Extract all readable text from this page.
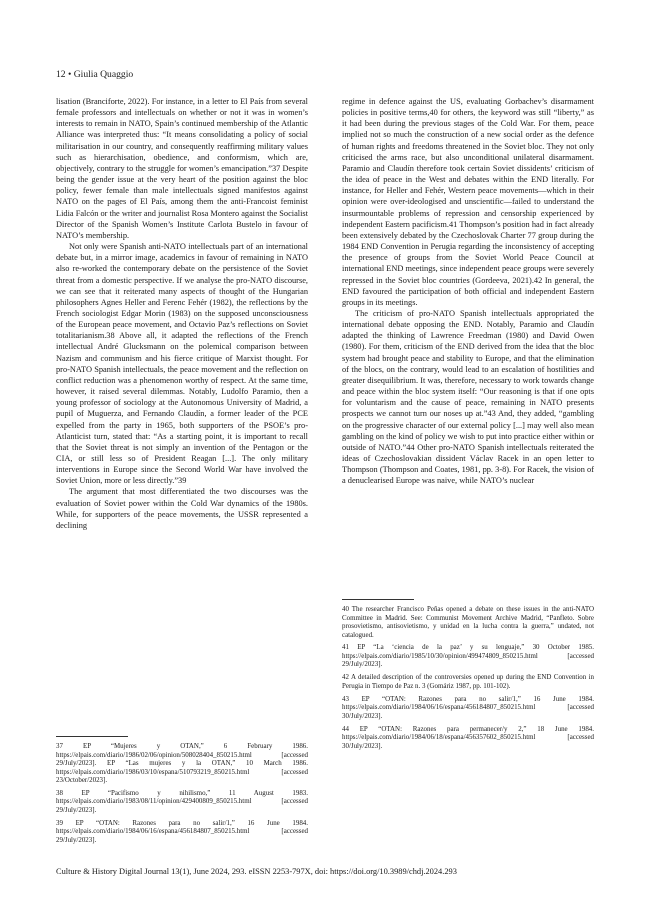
12 • Giulia Quaggio

lisation (Branciforte, 2022). For instance, in a letter to El País from several female professors and intellectuals on whether or not it was in women’s interests to remain in NATO, Spain’s continued membership of the Atlantic Alliance was interpreted thus: “It means consolidating a policy of social militarisation in our country, and consequently reaffirming military values such as hierarchisation, obedience, and conformism, which are, objectively, contrary to the struggle for women’s emancipation.”37 Despite being the gender issue at the very heart of the position against the bloc policy, fewer female than male intellectuals signed manifestos against NATO on the pages of El País, among them the anti-Francoist feminist Lidia Falcón or the writer and journalist Rosa Montero against the Socialist Director of the Spanish Women’s Institute Carlota Bustelo in favour of NATO’s membership.

Not only were Spanish anti-NATO intellectuals part of an international debate but, in a mirror image, academics in favour of remaining in NATO also re-worked the contemporary debate on the persistence of the Soviet threat from a domestic perspective. If we analyse the pro-NATO discourse, we can see that it reiterated many aspects of thought of the Hungarian philosophers Agnes Heller and Ferenc Fehér (1982), the reflections by the French sociologist Edgar Morin (1983) on the supposed unconsciousness of the European peace movement, and Octavio Paz’s reflections on Soviet totalitarianism.38 Above all, it adapted the reflections of the French intellectual André Glucksmann on the polemical comparison between Nazism and communism and his fierce critique of Marxist thought. For pro-NATO Spanish intellectuals, the peace movement and the reflection on conflict reduction was a phenomenon worthy of respect. At the same time, however, it raised several dilemmas. Notably, Ludolfo Paramio, then a young professor of sociology at the Autonomous University of Madrid, a pupil of Muguerza, and Fernando Claudín, a former leader of the PCE expelled from the party in 1965, both supporters of the PSOE’s pro-Atlanticist turn, stated that: “As a starting point, it is important to recall that the Soviet threat is not simply an invention of the Pentagon or the CIA, or still less so of President Reagan [...]. The only military interventions in Europe since the Second World War have involved the Soviet Union, more or less directly.”39

The argument that most differentiated the two discourses was the evaluation of Soviet power within the Cold War dynamics of the 1980s. While, for supporters of the peace movements, the USSR represented a declining

regime in defence against the US, evaluating Gorbachev’s disarmament policies in positive terms,40 for others, the keyword was still “liberty,” as it had been during the previous stages of the Cold War. For them, peace implied not so much the construction of a new social order as the defence of human rights and freedoms threatened in the Soviet bloc. They not only criticised the arms race, but also unconditional unilateral disarmament. Paramio and Claudín therefore took certain Soviet dissidents’ criticism of the idea of peace in the West and debates within the END literally. For instance, for Heller and Fehér, Western peace movements—which in their opinion were over-ideologised and unscientific—failed to understand the insurmountable problems of repression and censorship experienced by independent Eastern pacificism.41 Thompson’s position had in fact already been extensively debated by the Czechoslovak Charter 77 group during the 1984 END Convention in Perugia regarding the inconsistency of accepting the presence of groups from the Soviet World Peace Council at international END meetings, since independent peace groups were severely repressed in the Soviet bloc countries (Gordeeva, 2021).42 In general, the END favoured the participation of both official and independent Eastern groups in its meetings.

The criticism of pro-NATO Spanish intellectuals appropriated the international debate opposing the END. Notably, Paramio and Claudín adapted the thinking of Lawrence Freedman (1980) and David Owen (1980). For them, criticism of the END derived from the idea that the bloc system had brought peace and stability to Europe, and that the elimination of the blocs, on the contrary, would lead to an escalation of hostilities and greater disequilibrium. It was, therefore, necessary to work towards change and peace within the bloc system itself: “Our reasoning is that if one opts for voluntarism and the cause of peace, remaining in NATO presents prospects we cannot turn our noses up at.”43 And, they added, “gambling on the progressive character of our external policy [...] may well also mean gambling on the kind of policy we wish to put into practice either within or outside of NATO.”44 Other pro-NATO Spanish intellectuals reiterated the ideas of Czechoslovakian dissident Václav Racek in an open letter to Thompson (Thompson and Coates, 1981, pp. 3-8). For Racek, the vision of a denuclearised Europe was naive, while NATO’s nuclear

37 EP “Mujeres y OTAN,” 6 February 1986. https://elpais.com/diario/1986/02/06/opinion/508028404_850215.html [accessed 29/July/2023]. EP “Las mujeres y la OTAN,” 10 March 1986. https://elpais.com/diario/1986/03/10/espana/510793219_850215.html [accessed 23/October/2023].

38 EP “Pacifismo y nihilismo,” 11 August 1983. https://elpais.com/diario/1983/08/11/opinion/429400809_850215.html [accessed 29/July/2023].

39 EP “OTAN: Razones para no salir/1,” 16 June 1984. https://elpais.com/diario/1984/06/16/espana/456184807_850215.html [accessed 29/July/2023].

40 The researcher Francisco Peñas opened a debate on these issues in the anti-NATO Committee in Madrid. See: Communist Movement Archive Madrid, “Panfleto. Sobre prosovietismo, antisovietismo, y unidad en la lucha contra la guerra,” undated, not catalogued.

41 EP “La ‘ciencia de la paz’ y su lenguaje,” 30 October 1985. https://elpais.com/diario/1985/10/30/opinion/499474809_850215.html [accessed 29/July/2023].

42 A detailed description of the controversies opened up during the END Convention in Perugia in Tiempo de Paz n. 3 (Gomáriz 1987, pp. 101-102).

43 EP “OTAN: Razones para no salir/1,” 16 June 1984. https://elpais.com/diario/1984/06/16/espana/456184807_850215.html [accessed 30/July/2023].

44 EP “OTAN: Razones para permanecer/y 2,” 18 June 1984. https://elpais.com/diario/1984/06/18/espana/456357602_850215.html [accessed 30/July/2023].

Culture & History Digital Journal 13(1), June 2024, 293. eISSN 2253-797X, doi: https://doi.org/10.3989/chdj.2024.293
